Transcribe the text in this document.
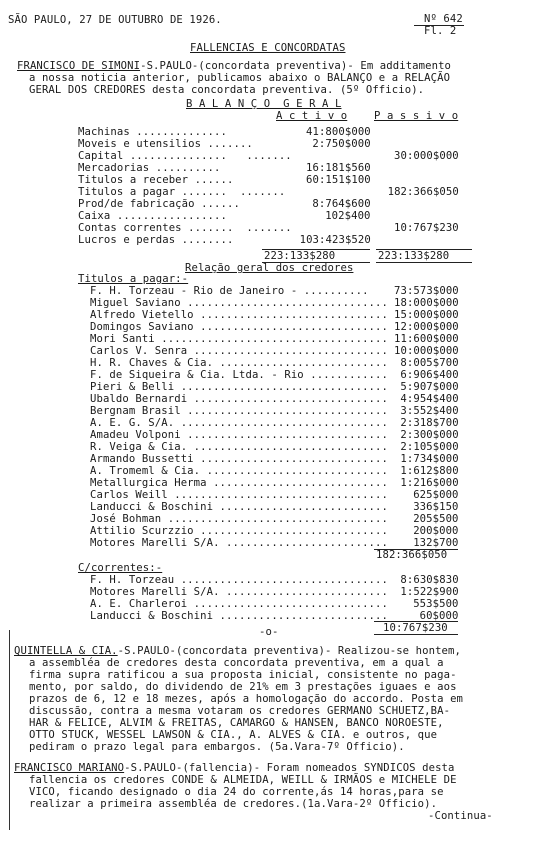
SÃO PAULO, 27 DE OUTUBRO DE 1926.	Nº 642
Fl. 2
FALLENCIAS E CONCORDATAS
FRANCISCO DE SIMONI-S.PAULO-(concordata preventiva)- Em additamento
a nossa noticia anterior, publicamos abaixo o BALANÇO e a RELAÇÃO
GERAL DOS CREDORES desta concordata preventiva. (5º Officio).
B A L A N Ç O  G E R A L
A c t i v o	P a s s i v o
Machinas ..............	41:800$000
Moveis e utensilios .......	2:750$000
Capital ...............   .......	30:000$000
Mercadorias ..........	16:181$560
Titulos a receber ......	60:151$100
Titulos a pagar .......  .......	182:366$050
Prod/de fabricação ......	8:764$600
Caixa .................	102$400
Contas correntes .......  .......	10:767$230
Lucros e perdas ........	103:423$520
223:133$280	223:133$280
Relação geral dos credores
Titulos a pagar:-
F. H. Torzeau - Rio de Janeiro - .......... 73:573$000
Miguel Saviano ............................... 18:000$000
Alfredo Vietello ............................. 15:000$000
Domingos Saviano ............................. 12:000$000
Mori Santi ................................... 11:600$000
Carlos V. Senra .............................. 10:000$000
H. R. Chaves & Cia. .......................... 8:005$700
F. de Siqueira & Cia. Ltda. - Rio ............ 6:906$400
Pieri & Belli ................................ 5:907$000
Ubaldo Bernardi .............................. 4:954$400
Bergnam Brasil ............................... 3:552$400
A. E. G. S/A. ................................ 2:318$700
Amadeu Volponi ............................... 2:300$000
R. Veiga & Cia. .............................. 2:105$000
Armando Bussetti ............................. 1:734$000
A. Tromeml & Cia. ............................ 1:612$800
Metallurgica Herma ........................... 1:216$000
Carlos Weill ................................. 625$000
Landucci & Boschini .......................... 336$150
José Bohman .................................. 205$500
Attilio Scurzzio ............................. 200$000
Motores Marelli S/A. ......................... 132$700
182:366$050
C/correntes:-
F. H. Torzeau ................................ 8:630$830
Motores Marelli S/A. ......................... 1:522$900
A. E. Charleroi .............................. 553$500
Landucci & Boschini ..........................	60$000
-o-	10:767$230
QUINTELLA & CIA.-S.PAULO-(concordata preventiva)- Realizou-se hontem,
a assembléa de credores desta concordata preventiva, em a qual a
firma supra ratificou a sua proposta inicial, consistente no paga-
mento, por saldo, do dividendo de 21% em 3 prestações iguaes e aos
prazos de 6, 12 e 18 mezes, após a homologação do accordo. Posta em
discussão, contra a mesma votaram os credores GERMANO SCHUETZ,BA-
HAR & FELICE, ALVIM & FREITAS, CAMARGO & HANSEN, BANCO NOROESTE,
OTTO STUCK, WESSEL LAWSON & CIA., A. ALVES & CIA. e outros, que
pediram o prazo legal para embargos. (5a.Vara-7º Officio).
FRANCISCO MARIANO-S.PAULO-(fallencia)- Foram nomeados SYNDICOS desta
fallencia os credores CONDE & ALMEIDA, WEILL & IRMÃOS e MICHELE DE
VICO, ficando designado o dia 24 do corrente,ás 14 horas,para se
realizar a primeira assembléa de credores.(1a.Vara-2º Officio).
-Continua-
